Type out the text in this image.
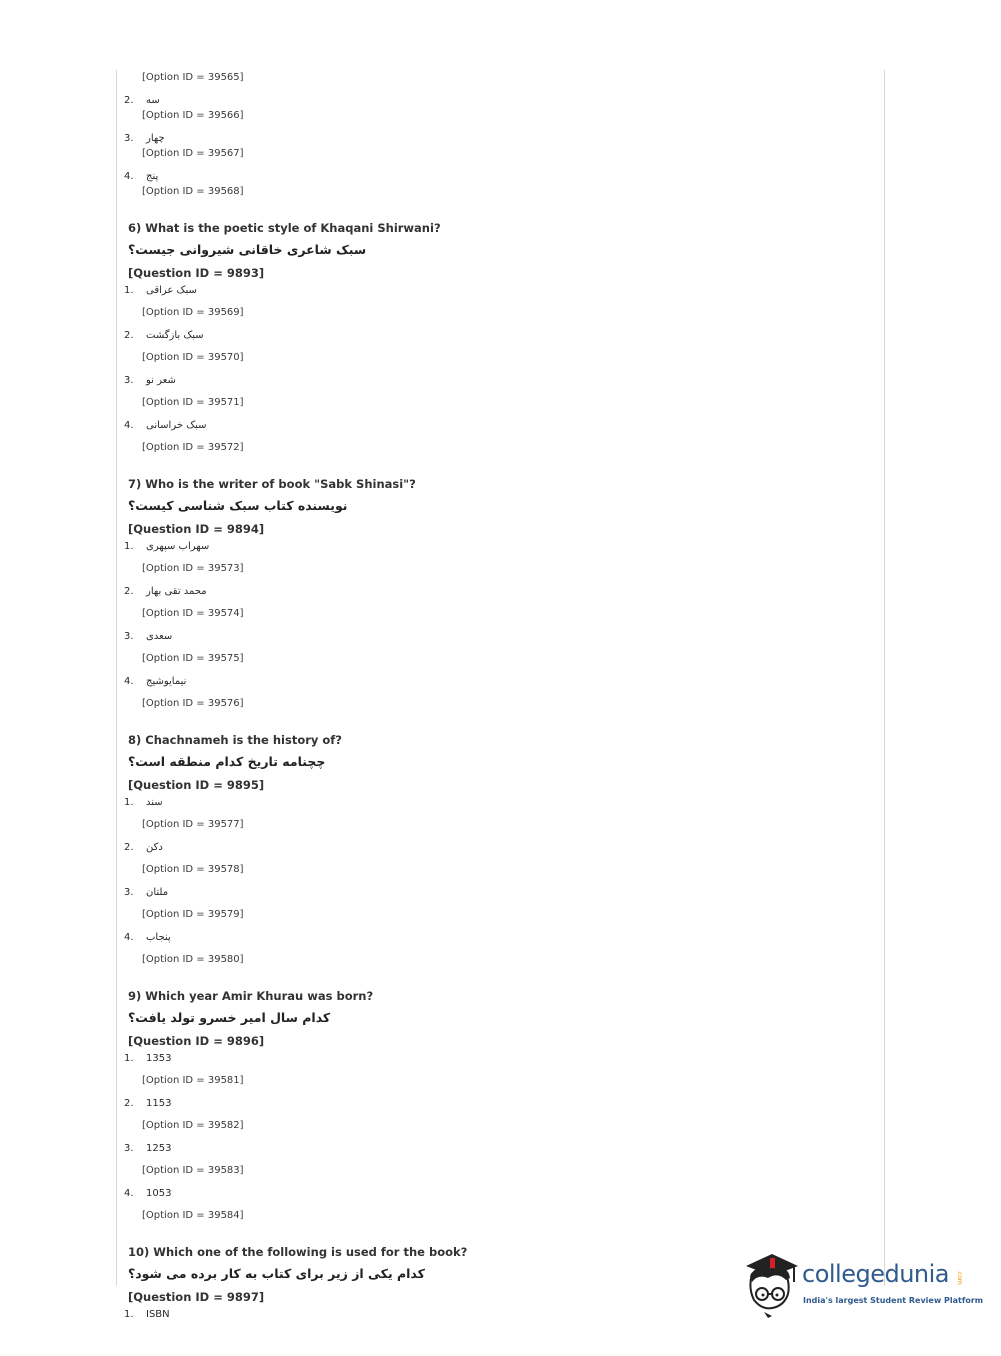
[Option ID = 39565]
2.	سه
[Option ID = 39566]
3.	چهار
[Option ID = 39567]
4.	پنج
[Option ID = 39568]
6) What is the poetic style of Khaqani Shirwani?
سبک شاعری خاقانی شیروانی جیست؟
[Question ID = 9893]
1.	سبک عراقی
[Option ID = 39569]
2.	سبک بازگشت
[Option ID = 39570]
3.	شعر نو
[Option ID = 39571]
4.	سبک خراسانی
[Option ID = 39572]
7) Who is the writer of book "Sabk Shinasi"?
نویسنده کتاب سبک شناسی کیست؟
[Question ID = 9894]
1.	سهراب سپهری
[Option ID = 39573]
2.	محمد تقی بهار
[Option ID = 39574]
3.	سعدی
[Option ID = 39575]
4.	نیمایوشیج
[Option ID = 39576]
8) Chachnameh is the history of?
چچنامه تاریخ کدام منطقه است؟
[Question ID = 9895]
1.	سند
[Option ID = 39577]
2.	دکن
[Option ID = 39578]
3.	ملتان
[Option ID = 39579]
4.	پنجاب
[Option ID = 39580]
9) Which year Amir Khurau was born?
کدام سال امیر خسرو تولد یافت؟
[Question ID = 9896]
1.	1353
[Option ID = 39581]
2.	1153
[Option ID = 39582]
3.	1253
[Option ID = 39583]
4.	1053
[Option ID = 39584]
10) Which one of the following is used for the book?
کدام یکی از زیر برای کتاب به کار برده می شود؟
[Question ID = 9897]
1.	ISBN
collegedunia .com
India's largest Student Review Platform
